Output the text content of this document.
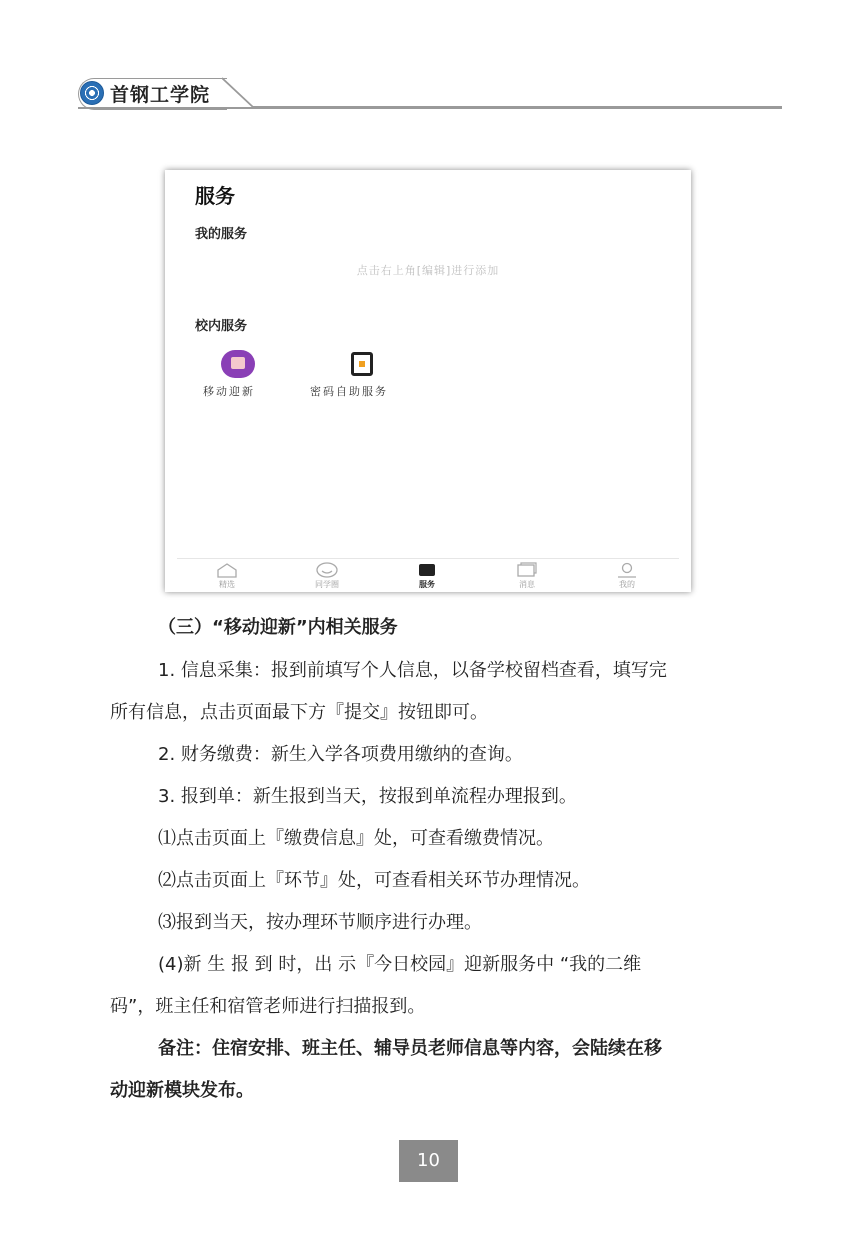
首钢工学院
服务
我的服务
点击右上角[编辑]进行添加
校内服务
移动迎新	密码自助服务
精选	同学圈	服务	消息	我的
（三）“移动迎新”内相关服务
1. 信息采集：报到前填写个人信息，以备学校留档查看，填写完
所有信息，点击页面最下方『提交』按钮即可。
2. 财务缴费：新生入学各项费用缴纳的查询。
3. 报到单：新生报到当天，按报到单流程办理报到。
⑴点击页面上『缴费信息』处，可查看缴费情况。
⑵点击页面上『环节』处，可查看相关环节办理情况。
⑶报到当天，按办理环节顺序进行办理。
(4)新 生 报 到 时，出 示『今日校园』迎新服务中 “我的二维
码”，班主任和宿管老师进行扫描报到。
备注：住宿安排、班主任、辅导员老师信息等内容，会陆续在移
动迎新模块发布。
10
